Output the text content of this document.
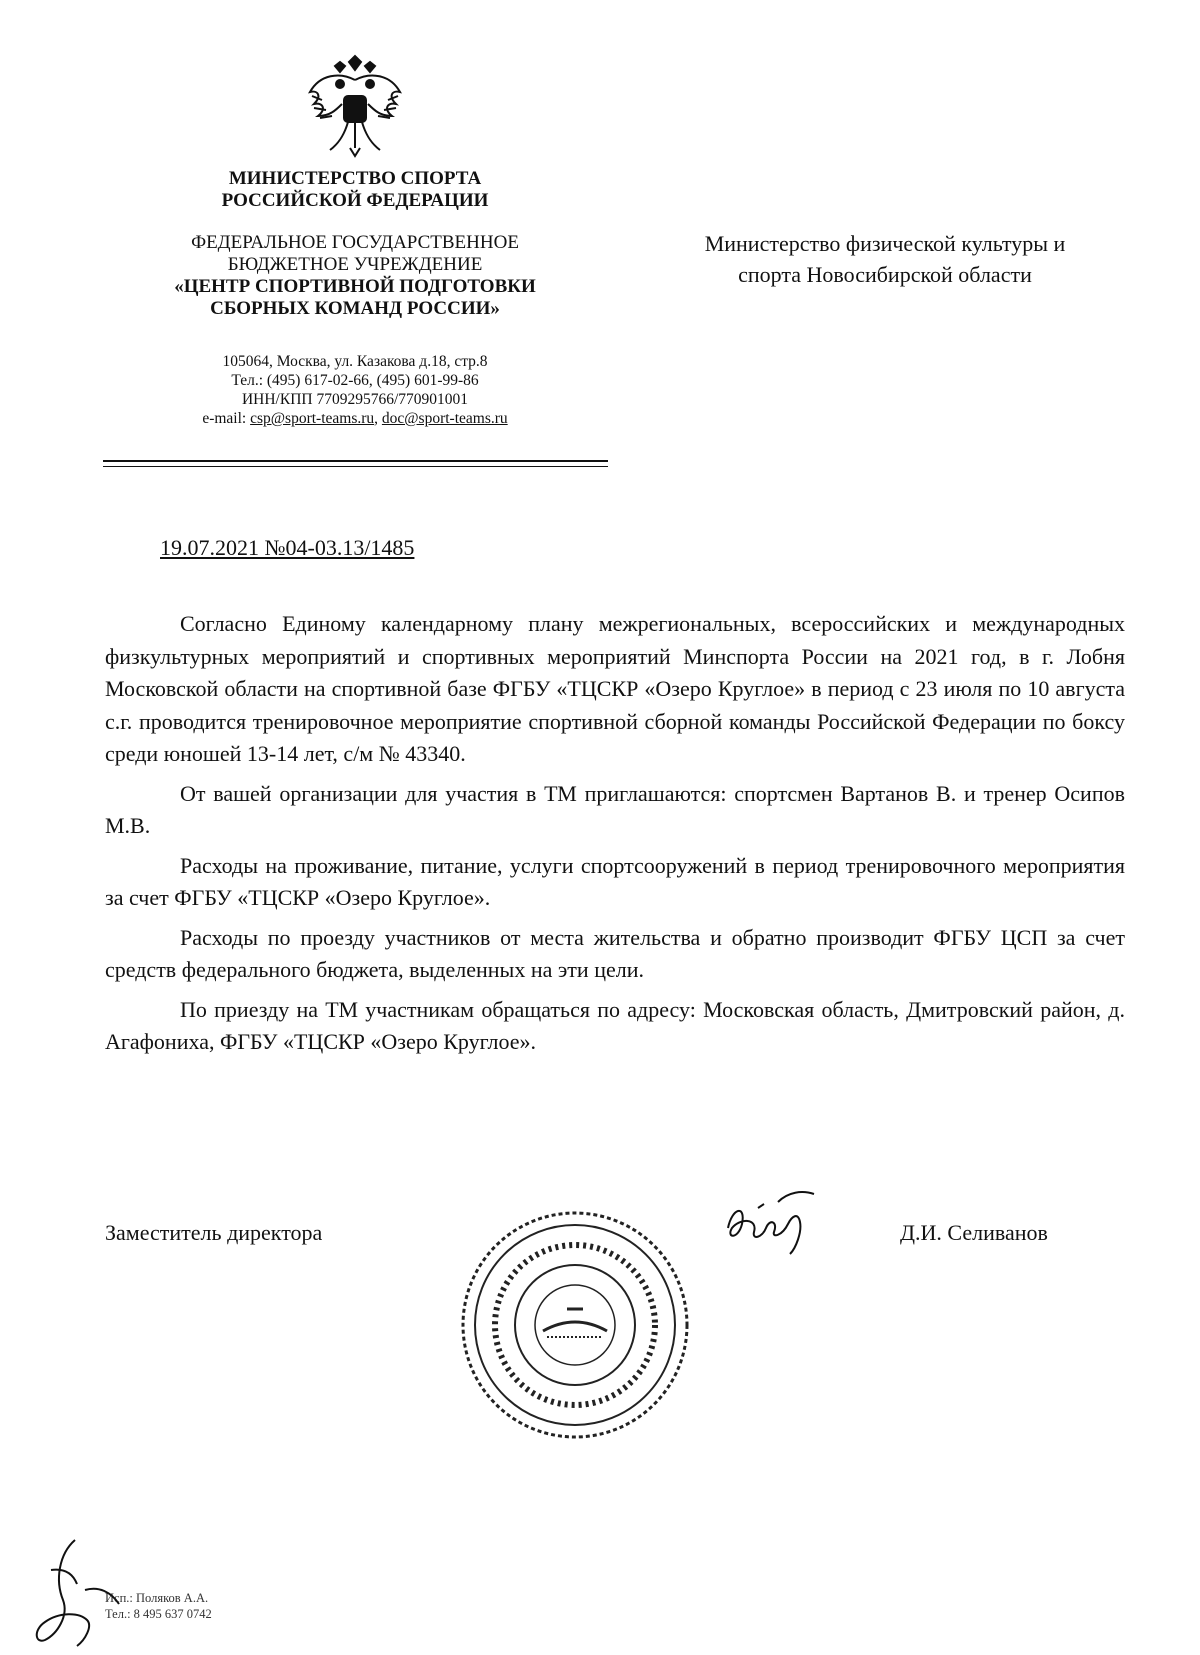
МИНИСТЕРСТВО СПОРТА
РОССИЙСКОЙ ФЕДЕРАЦИИ
ФЕДЕРАЛЬНОЕ ГОСУДАРСТВЕННОЕ
БЮДЖЕТНОЕ УЧРЕЖДЕНИЕ
«ЦЕНТР СПОРТИВНОЙ ПОДГОТОВКИ
СБОРНЫХ КОМАНД РОССИИ»
105064, Москва, ул. Казакова д.18, стр.8
Тел.: (495) 617-02-66, (495) 601-99-86
ИНН/КПП 7709295766/770901001
e-mail: csp@sport-teams.ru, doc@sport-teams.ru
Министерство физической культуры и
спорта Новосибирской области
19.07.2021 №04-03.13/1485

Согласно Единому календарному плану межрегиональных, всероссийских и международных физкультурных мероприятий и спортивных мероприятий Минспорта России на 2021 год, в г. Лобня Московской области на спортивной базе ФГБУ «ТЦСКР «Озеро Круглое» в период с 23 июля по 10 августа с.г. проводится тренировочное мероприятие спортивной сборной команды Российской Федерации по боксу среди юношей 13-14 лет, с/м № 43340.

От вашей организации для участия в ТМ приглашаются: спортсмен Вартанов В. и тренер Осипов М.В.

Расходы на проживание, питание, услуги спортсооружений в период тренировочного мероприятия за счет ФГБУ «ТЦСКР «Озеро Круглое».

Расходы по проезду участников от места жительства и обратно производит ФГБУ ЦСП за счет средств федерального бюджета, выделенных на эти цели.

По приезду на ТМ участникам обращаться по адресу: Московская область, Дмитровский район, д. Агафониха, ФГБУ «ТЦСКР «Озеро Круглое».

Заместитель директора	Д.И. Селиванов
Исп.: Поляков А.А.
Тел.: 8 495 637 0742
